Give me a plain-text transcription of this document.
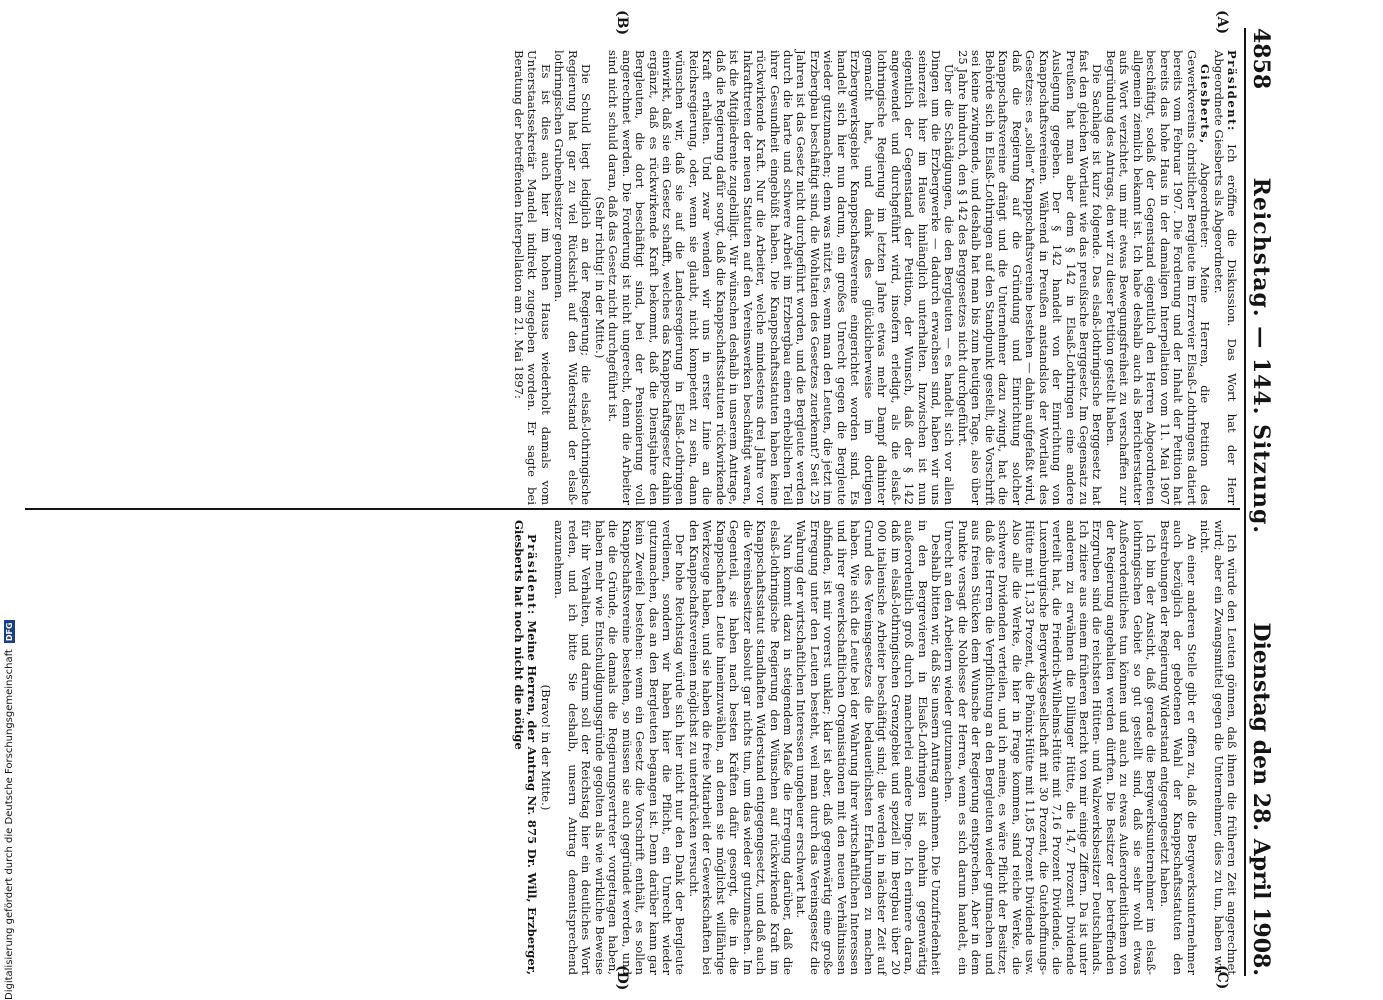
4858
Reichstag. — 144. Sitzung.
Dienstag den 28. April 1908.
(A)
(B)
(C)
(D)

Präsident: Ich eröffne die Diskussion. Das Wort hat der Herr Abgeordnete Giesberts als Abgeordneter.

Giesberts, Abgeordneter: Meine Herren, die Petition des Gewerkvereins christlicher Bergleute im Erzrevier Elsaß-Lothringens datiert bereits vom Februar 1907. Die Forderung und der Inhalt der Petition hat bereits das hohe Haus in der damaligen Interpellation vom 11. Mai 1907 beschäftigt, sodaß der Gegenstand eigentlich den Herren Abgeordneten allgemein ziemlich bekannt ist. Ich habe deshalb auch als Berichterstatter aufs Wort verzichtet, um mir etwas Bewegungsfreiheit zu verschaffen zur Begründung des Antrags, den wir zu dieser Petition gestellt haben.

Die Sachlage ist kurz folgende. Das elsaß-lothringische Berggesetz hat fast den gleichen Wortlaut wie das preußische Berggesetz. Im Gegensatz zu Preußen hat man aber dem § 142 in Elsaß-Lothringen eine andere Auslegung gegeben. Der § 142 handelt von der Einrichtung von Knappschaftsvereinen. Während in Preußen anstandslos der Wortlaut des Gesetzes: es „sollen“ Knappschaftsvereine bestehen — dahin aufgefaßt wird, daß die Regierung auf die Gründung und Einrichtung solcher Knappschaftsvereine drängt und die Unternehmer dazu zwingt, hat die Behörde sich in Elsaß-Lothringen auf den Standpunkt gestellt, die Vorschrift sei keine zwingende, und deshalb hat man bis zum heutigen Tage, also über 25 Jahre hindurch, den § 142 des Berggesetzes nicht durchgeführt.

Über die Schädigungen, die den Bergleuten — es handelt sich vor allen Dingen um die Erzbergwerke — dadurch erwachsen sind, haben wir uns seinerzeit hier im Hause hinlänglich unterhalten. Inzwischen ist nun eigentlich der Gegenstand der Petition, der Wunsch, daß der § 142 angewendet und durchgeführt wird, insofern erledigt, als die elsaß-lothringische Regierung im letzten Jahre etwas mehr Dampf dahinter gemacht hat, und dank des glücklicherweise im dortigen Erzbergwerksgebiet Knappschaftsvereine eingerichtet worden sind. Es handelt sich hier nun darum, ein großes Unrecht gegen die Bergleute wieder gutzumachen; denn was nützt es, wenn man den Leuten, die jetzt im Erzbergbau beschäftigt sind, die Wohltaten des Gesetzes zuerkennt? Seit 25 Jahren ist das Gesetz nicht durchgeführt worden, und die Bergleute werden durch die harte und schwere Arbeit im Erzbergbau einen erheblichen Teil ihrer Gesundheit eingebüßt haben. Die Knappschaftsstatuten haben keine rückwirkende Kraft. Nur die Arbeiter, welche mindestens drei Jahre vor Inkrafttreten der neuen Statuten auf den Vereinswerken beschäftigt waren, ist die Mitgliedrente zugebilligt. Wir wünschen deshalb in unserem Antrage, daß die Regierung dafür sorgt, daß die Knappschaftsstatuten rückwirkende Kraft erhalten. Und zwar wenden wir uns in erster Linie an die Reichsregierung, oder, wenn sie glaubt, nicht kompetent zu sein, dann wünschen wir, daß sie auf die Landesregierung in Elsaß-Lothringen einwirkt, daß sie ein Gesetz schafft, welches das Knappschaftsgesetz dahin ergänzt, daß es rückwirkende Kraft bekommt, daß die Dienstjahre den Bergleuten, die dort beschäftigt sind, bei der Pensionierung voll angerechnet werden. Die Forderung ist nicht ungerecht, denn die Arbeiter sind nicht schuld daran, daß das Gesetz nicht durchgeführt ist.

(Sehr richtig! in der Mitte.)

Die Schuld liegt lediglich an der Regierung; die elsaß-lothringische Regierung hat gar zu viel Rücksicht auf den Widerstand der elsaß-lothringischen Grubenbesitzer genommen.

Es ist dies auch hier im hohen Hause wiederholt damals vom Unterstaatssekretär Mandel indirekt zugegeben worden. Er sagte bei Beratung der betreffenden Interpellation am 21. Mai 1897:

Ich würde den Leuten gönnen, daß ihnen die früheren Zeit angerechnet wird; aber ein Zwangsmittel gegen die Unternehmer, dies zu tun, haben wir nicht.

An einer anderen Stelle gibt er offen zu, daß die Bergwerksunternehmer auch bezüglich der gebotenen Wahl der Knappschaftsstatuten den Bestrebungen der Regierung Widerstand entgegengesetzt haben.

Ich bin der Ansicht, daß gerade die Bergwerksunternehmer im elsaß-lothringischen Gebiet so gut gestellt sind, daß sie sehr wohl etwas Außerordentliches tun können und auch zu etwas Außerordentlichem von der Regierung angehalten werden dürften. Die Besitzer der betreffenden Erzgruben sind die reichsten Hütten- und Walzwerksbesitzer Deutschlands. Ich zitiere aus einem früheren Bericht von mir einige Ziffern. Da ist unter anderem zu erwähnen die Dillinger Hütte, die 14,7 Prozent Dividende verteilt hat, die Friedrich-Wilhelms-Hütte mit 7,16 Prozent Dividende, die Luxemburgische Bergwerksgesellschaft mit 30 Prozent, die Gutehoffnungs-Hütte mit 11,33 Prozent, die Phönix-Hütte mit 11,85 Prozent Dividende usw. Also alle die Werke, die hier in Frage kommen, sind reiche Werke, die schwere Dividenden verteilen, und ich meine, es wäre Pflicht der Besitzer, daß die Herren die Verpflichtung an den Bergleuten wieder gutmachen und aus freien Stücken dem Wunsche der Regierung entsprechen. Aber in dem Punkte versagt die Noblesse der Herren, wenn es sich darum handelt, ein Unrecht an den Arbeitern wieder gutzumachen.

Deshalb bitten wir, daß Sie unsern Antrag annehmen. Die Unzufriedenheit in den Bergrevieren in Elsaß-Lothringen ist ohnehin gegenwärtig außerordentlich groß durch mancherlei andere Dinge. Ich erinnere daran, daß im elsaß-lothringischen Grenzgebiet und speziell im Bergbau über 20 000 italienische Arbeiter beschäftigt sind; die werden in nächster Zeit auf Grund des Vereinsgesetzes die bedauerlichsten Erfahrungen zu machen haben. Wie sich die Leute bei der Wahrung ihrer wirtschaftlichen Interessen und ihrer gewerkschaftlichen Organisationen mit den neuen Verhältnissen abfinden, ist mir vorerst unklar; klar ist aber, daß gegenwärtig eine große Erregung unter den Leuten besteht, weil man durch das Vereinsgesetz die Wahrung der wirtschaftlichen Interessen ungeheuer erschwert hat.

Nun kommt dazu in steigendem Maße die Erregung darüber, daß die elsaß-lothringische Regierung den Wünschen auf rückwirkende Kraft im Knappschaftsstatut standhaften Widerstand entgegengesetzt, und daß auch die Vereinsbesitzer absolut gar nichts tun, um das wieder gutzumachen. Im Gegenteil, sie haben nach besten Kräften dafür gesorgt, die in die Knappschaften Leute hineinzuwählen, an denen sie möglichst willfährige Werkzeuge haben, und sie haben die freie Mitarbeit der Gewerkschaften bei den Knappschaftsvereinen möglichst zu unterdrücken versucht.

Der hohe Reichstag würde sich hier nicht nur den Dank der Bergleute verdienen, sondern wir haben hier die Pflicht, ein Unrecht wieder gutzumachen, das an den Bergleuten begangen ist. Denn darüber kann gar kein Zweifel bestehen: wenn ein Gesetz die Vorschrift enthält, es sollen Knappschaftsvereine bestehen, so müssen sie auch gegründet werden, und die die Gründe, die damals die Regierungsvertreter vorgetragen haben, haben mehr wie Entschuldigungsgründe gegolten als wie wirkliche Beweise für ihr Verhalten, und darum soll der Reichstag hier ein deutliches Wort reden, und ich bitte Sie deshalb, unsern Antrag dementsprechend anzunehmen.

(Bravo! in der Mitte.)

Präsident: Meine Herren, der Antrag Nr. 875 Dr. Will, Erzberger, Giesberts hat noch nicht die nötige

Digitalisierung gefördert durch die Deutsche Forschungsgemeinschaft
DFG
